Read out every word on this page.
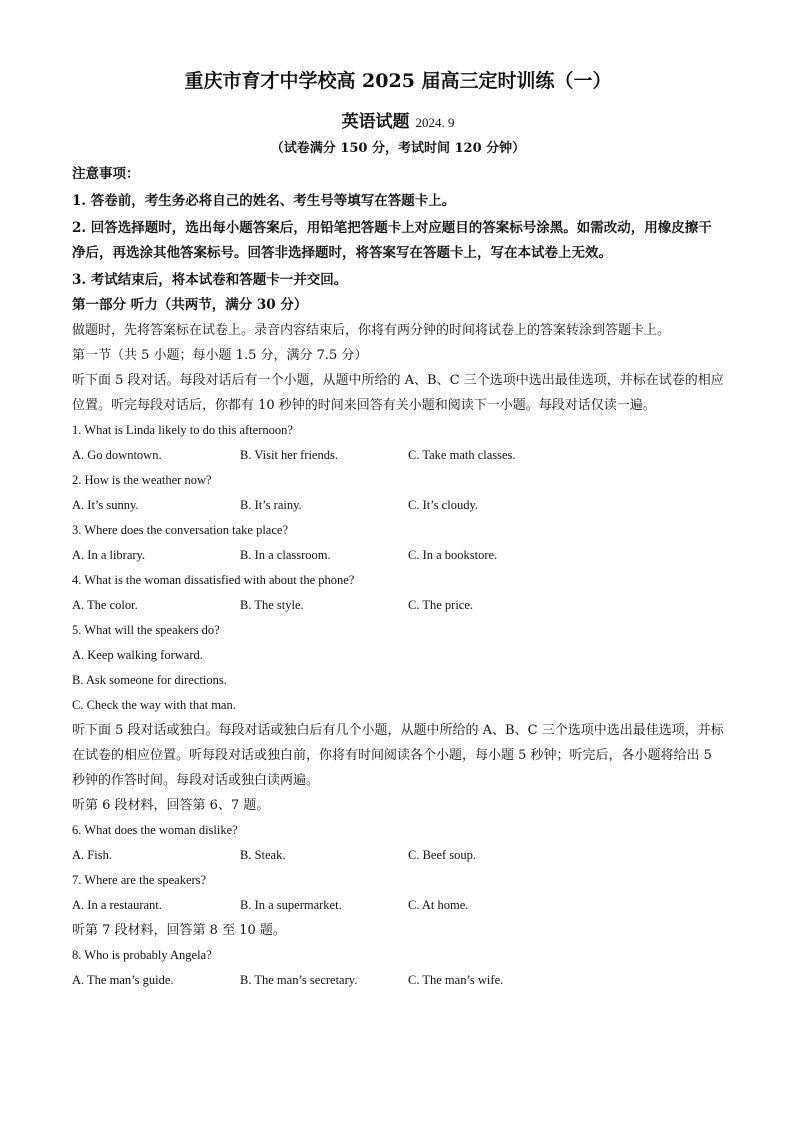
重庆市育才中学校高 2025 届高三定时训练（一）
英语试题 2024. 9
（试卷满分 150 分，考试时间 120 分钟）
注意事项：
1. 答卷前，考生务必将自己的姓名、考生号等填写在答题卡上。
2. 回答选择题时，选出每小题答案后，用铅笔把答题卡上对应题目的答案标号涂黑。如需改动，用橡皮擦干净后，再选涂其他答案标号。回答非选择题时，将答案写在答题卡上，写在本试卷上无效。
3. 考试结束后，将本试卷和答题卡一并交回。
第一部分 听力（共两节，满分 30 分）
做题时，先将答案标在试卷上。录音内容结束后，你将有两分钟的时间将试卷上的答案转涂到答题卡上。
第一节（共 5 小题；每小题 1.5 分，满分 7.5 分）
听下面 5 段对话。每段对话后有一个小题，从题中所给的 A、B、C 三个选项中选出最佳选项，并标在试卷的相应位置。听完每段对话后，你都有 10 秒钟的时间来回答有关小题和阅读下一小题。每段对话仅读一遍。
1. What is Linda likely to do this afternoon?
A. Go downtown.	B. Visit her friends.	C. Take math classes.
2. How is the weather now?
A. It’s sunny.	B. It’s rainy.	C. It’s cloudy.
3. Where does the conversation take place?
A. In a library.	B. In a classroom.	C. In a bookstore.
4. What is the woman dissatisfied with about the phone?
A. The color.	B. The style.	C. The price.
5. What will the speakers do?
A. Keep walking forward.
B. Ask someone for directions.
C. Check the way with that man.
听下面 5 段对话或独白。每段对话或独白后有几个小题，从题中所给的 A、B、C 三个选项中选出最佳选项，并标在试卷的相应位置。听每段对话或独白前，你将有时间阅读各个小题，每小题 5 秒钟；听完后，各小题将给出 5 秒钟的作答时间。每段对话或独白读两遍。
听第 6 段材料，回答第 6、7 题。
6. What does the woman dislike?
A. Fish.	B. Steak.	C. Beef soup.
7. Where are the speakers?
A. In a restaurant.	B. In a supermarket.	C. At home.
听第 7 段材料，回答第 8 至 10 题。
8. Who is probably Angela?
A. The man’s guide.	B. The man’s secretary.	C. The man’s wife.
